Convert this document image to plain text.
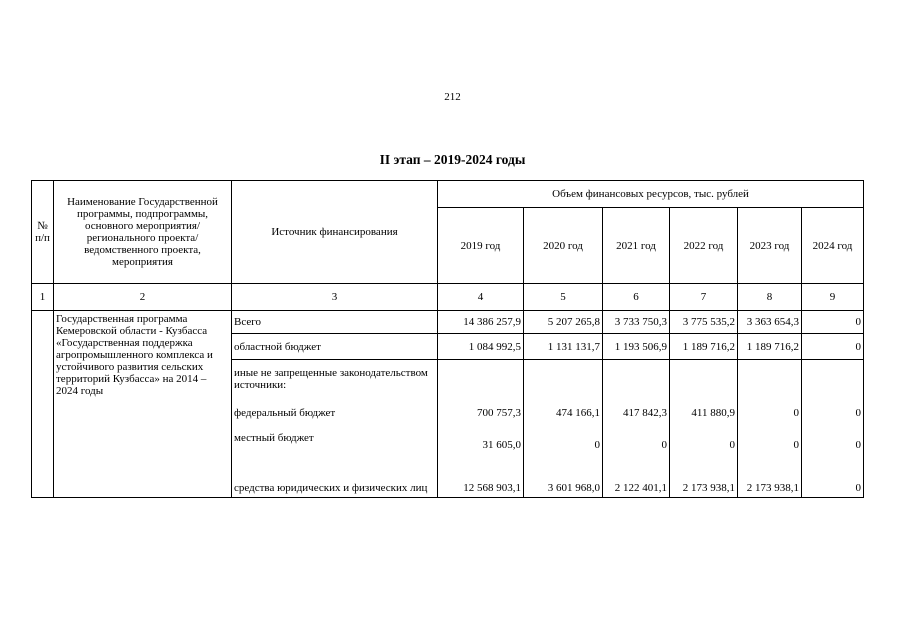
212
II этап – 2019-2024 годы
№ п/п	Наименование Государственной программы, подпрограммы, основного мероприятия/регионального проекта/ведомственного проекта, мероприятия	Источник финансирования	Объем финансовых ресурсов, тыс. рублей					
			2019 год	2020 год	2021 год	2022 год	2023 год	2024 год
1	2	3	4	5	6	7	8	9
	Государственная программа Кемеровской области - Кузбасса «Государственная поддержка агропромышленного комплекса и устойчивого развития сельских территорий Кузбасса» на 2014 – 2024 годы	Всего	14 386 257,9	5 207 265,8	3 733 750,3	3 775 535,2	3 363 654,3	0
		областной бюджет	1 084 992,5	1 131 131,7	1 193 506,9	1 189 716,2	1 189 716,2	0
		иные не запрещенные законодательством источники:						
		федеральный бюджет	700 757,3	474 166,1	417 842,3	411 880,9	0	0
		местный бюджет	31 605,0	0	0	0	0	0
		средства юридических и физических лиц	12 568 903,1	3 601 968,0	2 122 401,1	2 173 938,1	2 173 938,1	0
